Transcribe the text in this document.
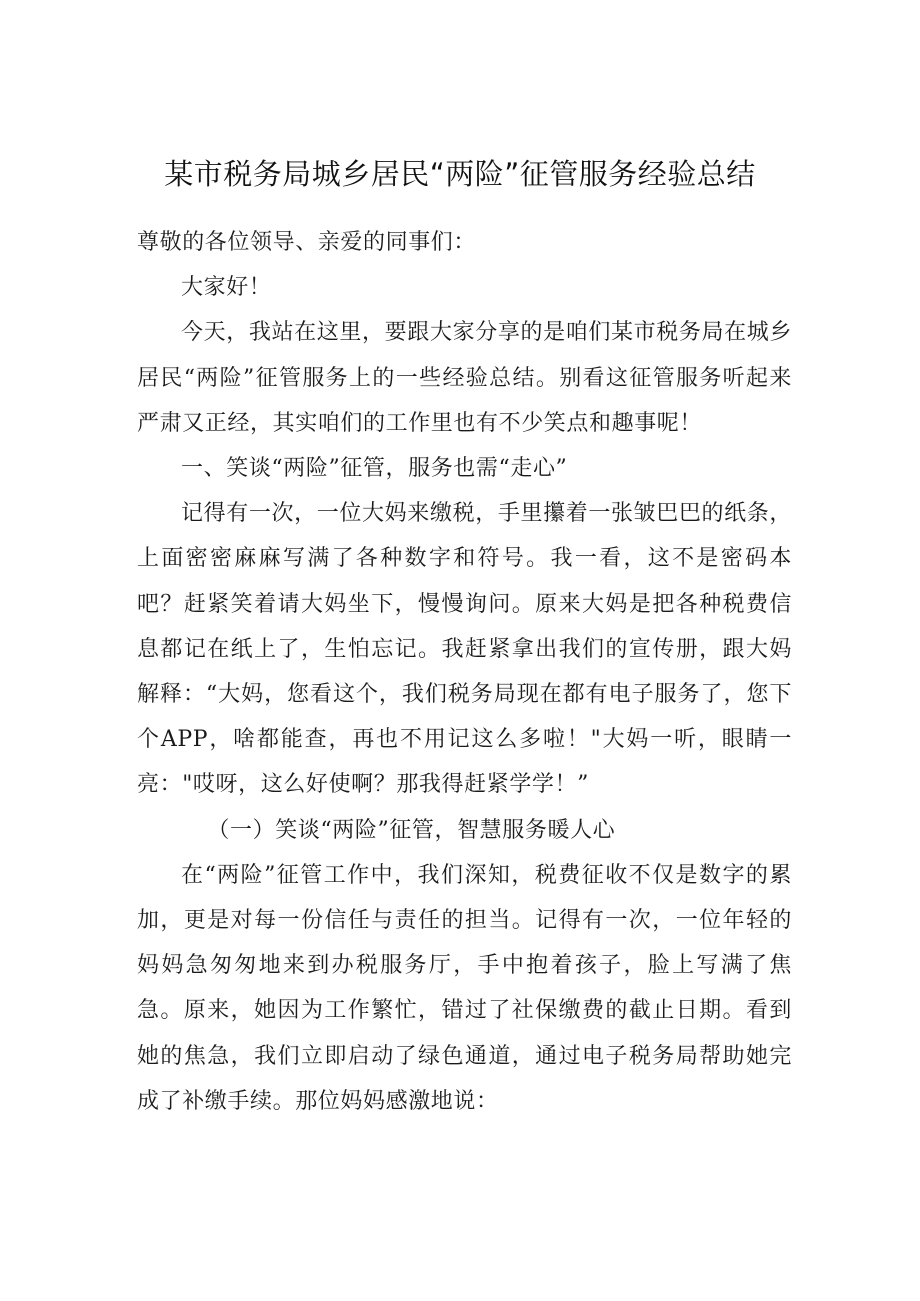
某市税务局城乡居民“两险”征管服务经验总结

尊敬的各位领导、亲爱的同事们：

大家好！

今天，我站在这里，要跟大家分享的是咱们某市税务局在城乡居民“两险”征管服务上的一些经验总结。别看这征管服务听起来严肃又正经，其实咱们的工作里也有不少笑点和趣事呢！

一、笑谈“两险”征管，服务也需“走心”

记得有一次，一位大妈来缴税，手里攥着一张皱巴巴的纸条，上面密密麻麻写满了各种数字和符号。我一看，这不是密码本吧？赶紧笑着请大妈坐下，慢慢询问。原来大妈是把各种税费信息都记在纸上了，生怕忘记。我赶紧拿出我们的宣传册，跟大妈解释：“大妈，您看这个，我们税务局现在都有电子服务了，您下个APP，啥都能查，再也不用记这么多啦！"大妈一听，眼睛一亮："哎呀，这么好使啊？那我得赶紧学学！”

（一）笑谈“两险”征管，智慧服务暖人心

在“两险”征管工作中，我们深知，税费征收不仅是数字的累加，更是对每一份信任与责任的担当。记得有一次，一位年轻的妈妈急匆匆地来到办税服务厅，手中抱着孩子，脸上写满了焦急。原来，她因为工作繁忙，错过了社保缴费的截止日期。看到她的焦急，我们立即启动了绿色通道，通过电子税务局帮助她完成了补缴手续。那位妈妈感激地说：
